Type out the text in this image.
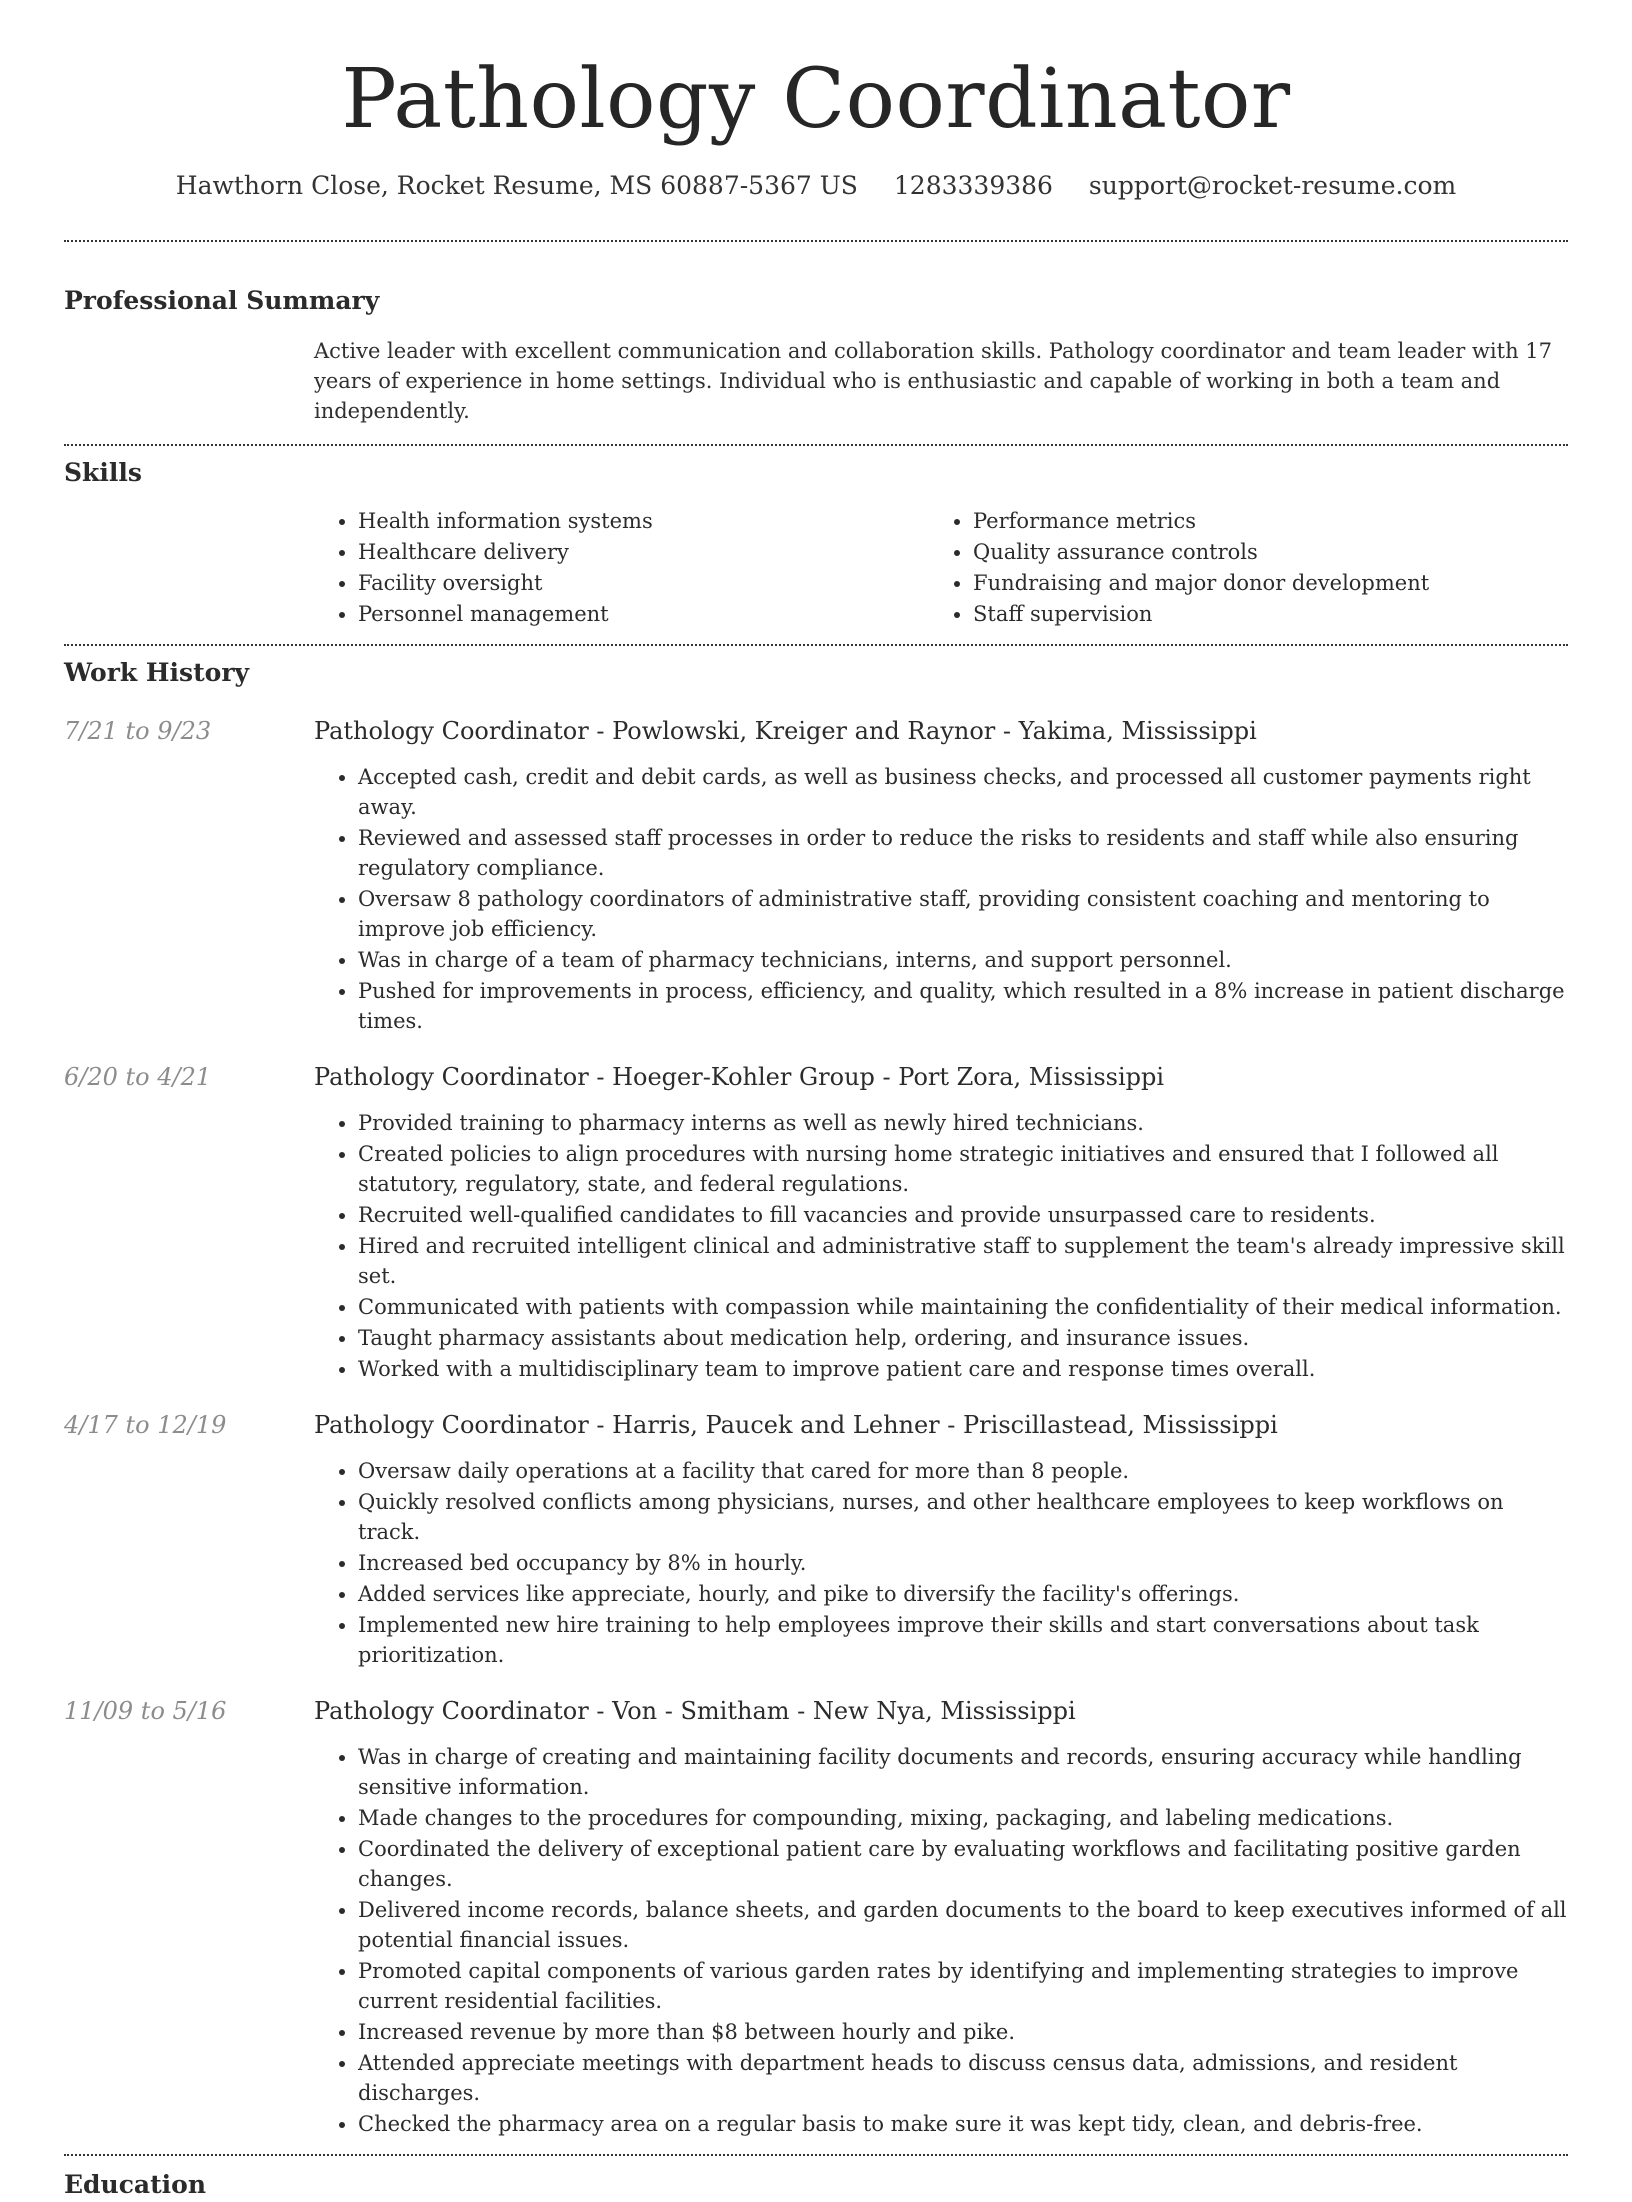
Pathology Coordinator
Hawthorn Close, Rocket Resume, MS 60887-5367 US 1283339386 support@rocket-resume.com
Professional Summary

Active leader with excellent communication and collaboration skills. Pathology coordinator and team leader with 17 years of experience in home settings. Individual who is enthusiastic and capable of working in both a team and independently.

Skills
• Health information systems
• Healthcare delivery
• Facility oversight
• Personnel management
• Performance metrics
• Quality assurance controls
• Fundraising and major donor development
• Staff supervision
Work History
7/21 to 9/23	Pathology Coordinator - Powlowski, Kreiger and Raynor - Yakima, Mississippi
• Accepted cash, credit and debit cards, as well as business checks, and processed all customer payments right away.
• Reviewed and assessed staff processes in order to reduce the risks to residents and staff while also ensuring regulatory compliance.
• Oversaw 8 pathology coordinators of administrative staff, providing consistent coaching and mentoring to improve job efficiency.
• Was in charge of a team of pharmacy technicians, interns, and support personnel.
• Pushed for improvements in process, efficiency, and quality, which resulted in a 8% increase in patient discharge times.
6/20 to 4/21	Pathology Coordinator - Hoeger-Kohler Group - Port Zora, Mississippi
• Provided training to pharmacy interns as well as newly hired technicians.
• Created policies to align procedures with nursing home strategic initiatives and ensured that I followed all statutory, regulatory, state, and federal regulations.
• Recruited well-qualified candidates to fill vacancies and provide unsurpassed care to residents.
• Hired and recruited intelligent clinical and administrative staff to supplement the team's already impressive skill set.
• Communicated with patients with compassion while maintaining the confidentiality of their medical information.
• Taught pharmacy assistants about medication help, ordering, and insurance issues.
• Worked with a multidisciplinary team to improve patient care and response times overall.
4/17 to 12/19	Pathology Coordinator - Harris, Paucek and Lehner - Priscillastead, Mississippi
• Oversaw daily operations at a facility that cared for more than 8 people.
• Quickly resolved conflicts among physicians, nurses, and other healthcare employees to keep workflows on track.
• Increased bed occupancy by 8% in hourly.
• Added services like appreciate, hourly, and pike to diversify the facility's offerings.
• Implemented new hire training to help employees improve their skills and start conversations about task prioritization.
11/09 to 5/16	Pathology Coordinator - Von - Smitham - New Nya, Mississippi
• Was in charge of creating and maintaining facility documents and records, ensuring accuracy while handling sensitive information.
• Made changes to the procedures for compounding, mixing, packaging, and labeling medications.
• Coordinated the delivery of exceptional patient care by evaluating workflows and facilitating positive garden changes.
• Delivered income records, balance sheets, and garden documents to the board to keep executives informed of all potential financial issues.
• Promoted capital components of various garden rates by identifying and implementing strategies to improve current residential facilities.
• Increased revenue by more than $8 between hourly and pike.
• Attended appreciate meetings with department heads to discuss census data, admissions, and resident discharges.
• Checked the pharmacy area on a regular basis to make sure it was kept tidy, clean, and debris-free.
Education
